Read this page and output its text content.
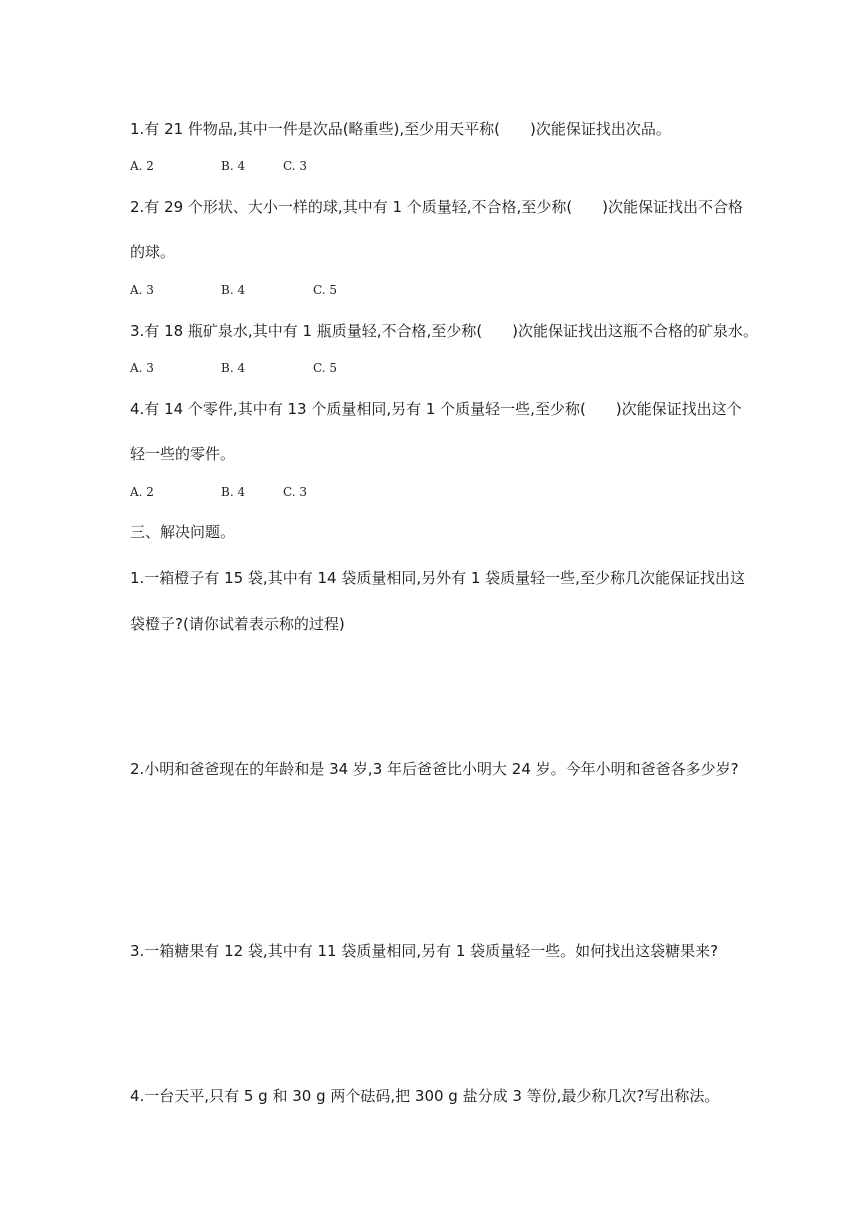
1.有 21 件物品,其中一件是次品(略重些),至少用天平称(　　)次能保证找出次品。
A. 2	B. 4	C. 3
2.有 29 个形状、大小一样的球,其中有 1 个质量轻,不合格,至少称(　　)次能保证找出不合格
的球。
A. 3	B. 4	C. 5
3.有 18 瓶矿泉水,其中有 1 瓶质量轻,不合格,至少称(　　)次能保证找出这瓶不合格的矿泉水。
A. 3	B. 4	C. 5
4.有 14 个零件,其中有 13 个质量相同,另有 1 个质量轻一些,至少称(　　)次能保证找出这个
轻一些的零件。
A. 2	B. 4	C. 3
三、解决问题。
1.一箱橙子有 15 袋,其中有 14 袋质量相同,另外有 1 袋质量轻一些,至少称几次能保证找出这
袋橙子?(请你试着表示称的过程)
2.小明和爸爸现在的年龄和是 34 岁,3 年后爸爸比小明大 24 岁。今年小明和爸爸各多少岁?
3.一箱糖果有 12 袋,其中有 11 袋质量相同,另有 1 袋质量轻一些。如何找出这袋糖果来?
4.一台天平,只有 5 g 和 30 g 两个砝码,把 300 g 盐分成 3 等份,最少称几次?写出称法。
